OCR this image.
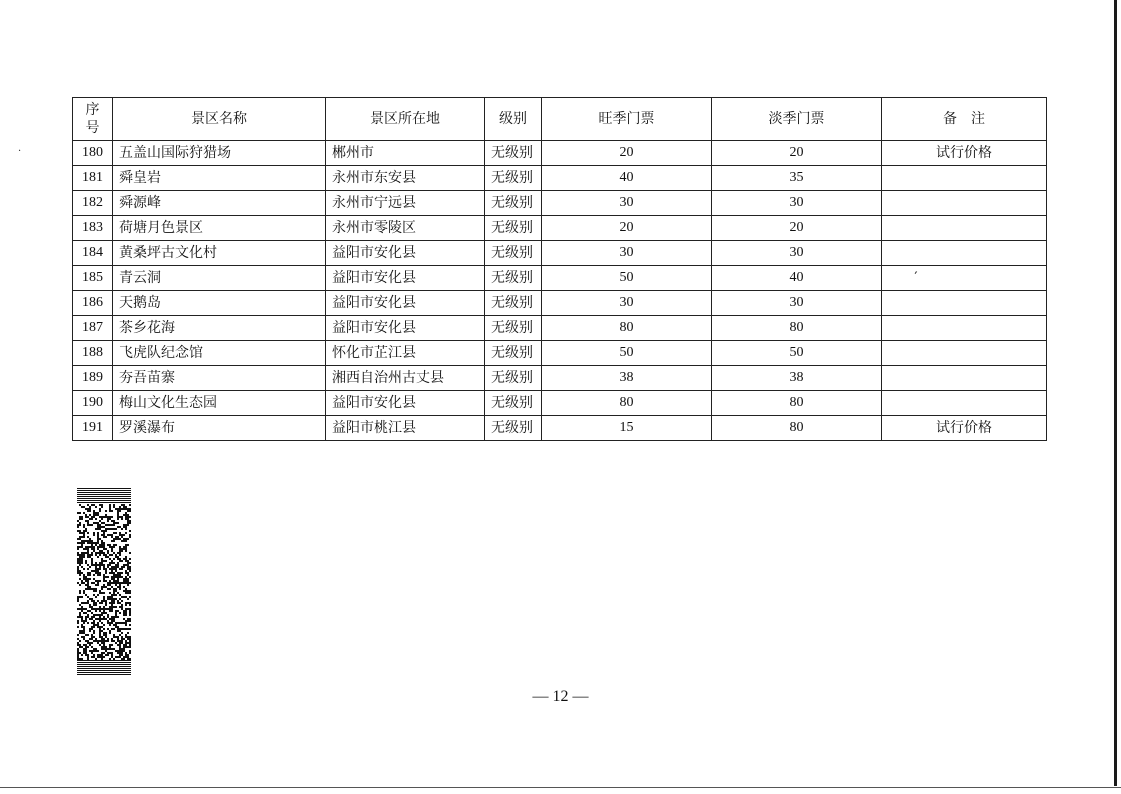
·
序
号	景区名称	景区所在地	级别	旺季门票	淡季门票	备　注
180	五盖山国际狩猎场	郴州市	无级别	20	20	试行价格
181	舜皇岩	永州市东安县	无级别	40	35	
182	舜源峰	永州市宁远县	无级别	30	30	
183	荷塘月色景区	永州市零陵区	无级别	20	20	
184	黄桑坪古文化村	益阳市安化县	无级别	30	30	
185	青云洞	益阳市安化县	无级别	50	40	′
186	天鹅岛	益阳市安化县	无级别	30	30	
187	茶乡花海	益阳市安化县	无级别	80	80	
188	飞虎队纪念馆	怀化市芷江县	无级别	50	50	
189	夯吾苗寨	湘西自治州古丈县	无级别	38	38	
190	梅山文化生态园	益阳市安化县	无级别	80	80	
191	罗溪瀑布	益阳市桃江县	无级别	15	80	试行价格
— 12 —
